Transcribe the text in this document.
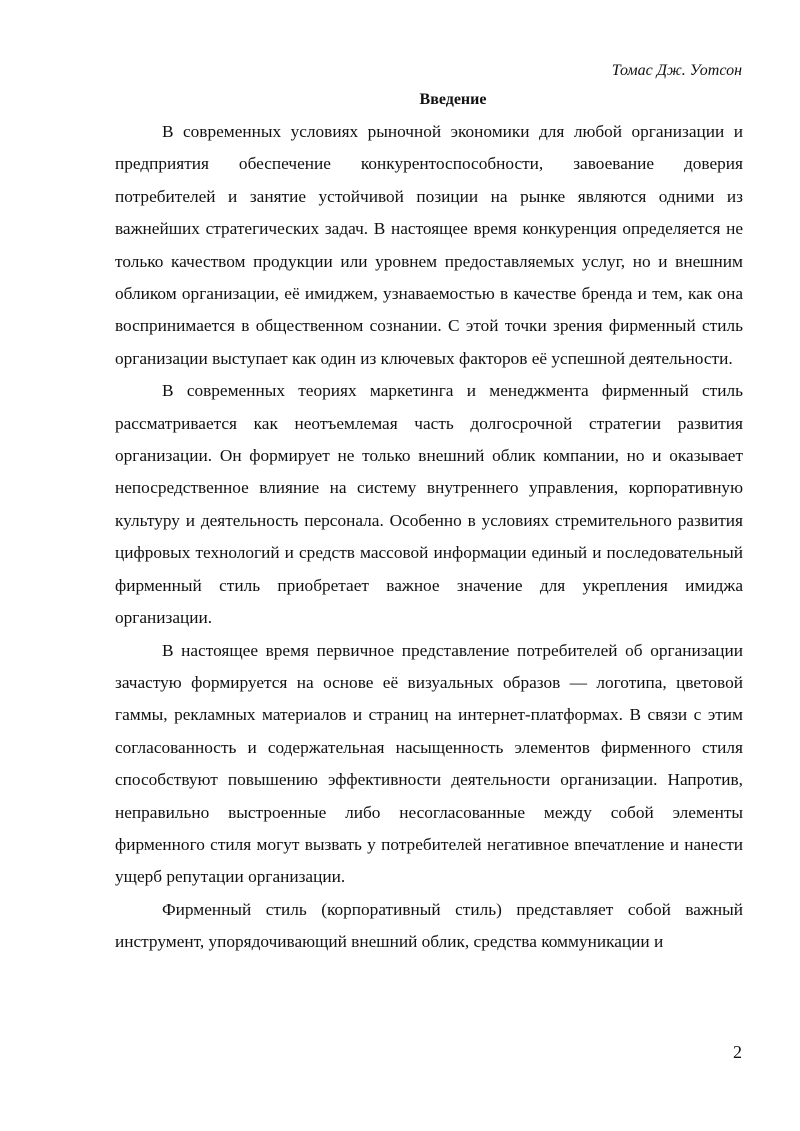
Томас Дж. Уотсон
Введение

В современных условиях рыночной экономики для любой организации и предприятия обеспечение конкурентоспособности, завоевание доверия потребителей и занятие устойчивой позиции на рынке являются одними из важнейших стратегических задач. В настоящее время конкуренция определяется не только качеством продукции или уровнем предоставляемых услуг, но и внешним обликом организации, её имиджем, узнаваемостью в качестве бренда и тем, как она воспринимается в общественном сознании. С этой точки зрения фирменный стиль организации выступает как один из ключевых факторов её успешной деятельности.

В современных теориях маркетинга и менеджмента фирменный стиль рассматривается как неотъемлемая часть долгосрочной стратегии развития организации. Он формирует не только внешний облик компании, но и оказывает непосредственное влияние на систему внутреннего управления, корпоративную культуру и деятельность персонала. Особенно в условиях стремительного развития цифровых технологий и средств массовой информации единый и последовательный фирменный стиль приобретает важное значение для укрепления имиджа организации.

В настоящее время первичное представление потребителей об организации зачастую формируется на основе её визуальных образов — логотипа, цветовой гаммы, рекламных материалов и страниц на интернет-платформах. В связи с этим согласованность и содержательная насыщенность элементов фирменного стиля способствуют повышению эффективности деятельности организации. Напротив, неправильно выстроенные либо несогласованные между собой элементы фирменного стиля могут вызвать у потребителей негативное впечатление и нанести ущерб репутации организации.

Фирменный стиль (корпоративный стиль) представляет собой важный инструмент, упорядочивающий внешний облик, средства коммуникации и

2
